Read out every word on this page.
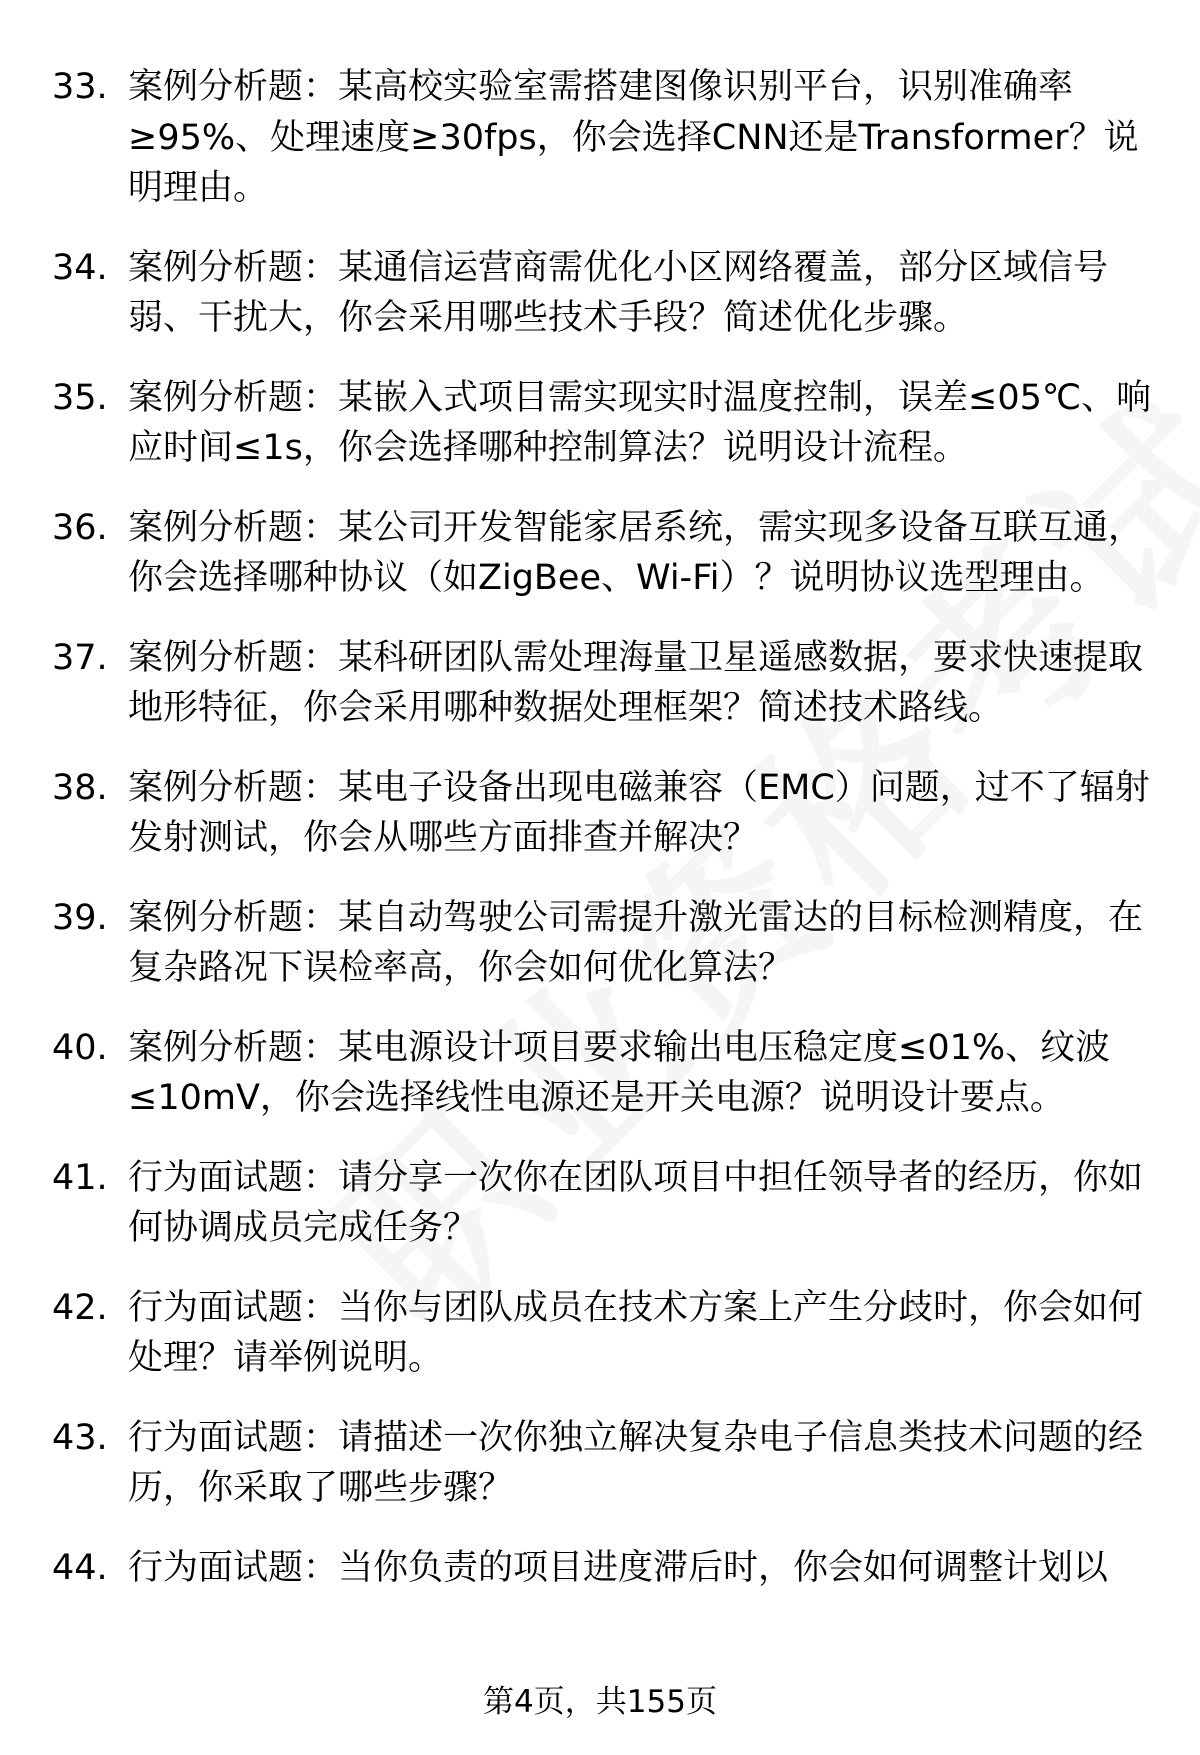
33. 案例分析题：某高校实验室需搭建图像识别平台，识别准确率≥95%、处理速度≥30fps，你会选择CNN还是Transformer？说明理由。
34. 案例分析题：某通信运营商需优化小区网络覆盖，部分区域信号弱、干扰大，你会采用哪些技术手段？简述优化步骤。
35. 案例分析题：某嵌入式项目需实现实时温度控制，误差≤05℃、响应时间≤1s，你会选择哪种控制算法？说明设计流程。
36. 案例分析题：某公司开发智能家居系统，需实现多设备互联互通，你会选择哪种协议（如ZigBee、Wi-Fi）？说明协议选型理由。
37. 案例分析题：某科研团队需处理海量卫星遥感数据，要求快速提取地形特征，你会采用哪种数据处理框架？简述技术路线。
38. 案例分析题：某电子设备出现电磁兼容（EMC）问题，过不了辐射发射测试，你会从哪些方面排查并解决？
39. 案例分析题：某自动驾驶公司需提升激光雷达的目标检测精度，在复杂路况下误检率高，你会如何优化算法？
40. 案例分析题：某电源设计项目要求输出电压稳定度≤01%、纹波≤10mV，你会选择线性电源还是开关电源？说明设计要点。
41. 行为面试题：请分享一次你在团队项目中担任领导者的经历，你如何协调成员完成任务？
42. 行为面试题：当你与团队成员在技术方案上产生分歧时，你会如何处理？请举例说明。
43. 行为面试题：请描述一次你独立解决复杂电子信息类技术问题的经历，你采取了哪些步骤？
44. 行为面试题：当你负责的项目进度滞后时，你会如何调整计划以
第4页，共155页
